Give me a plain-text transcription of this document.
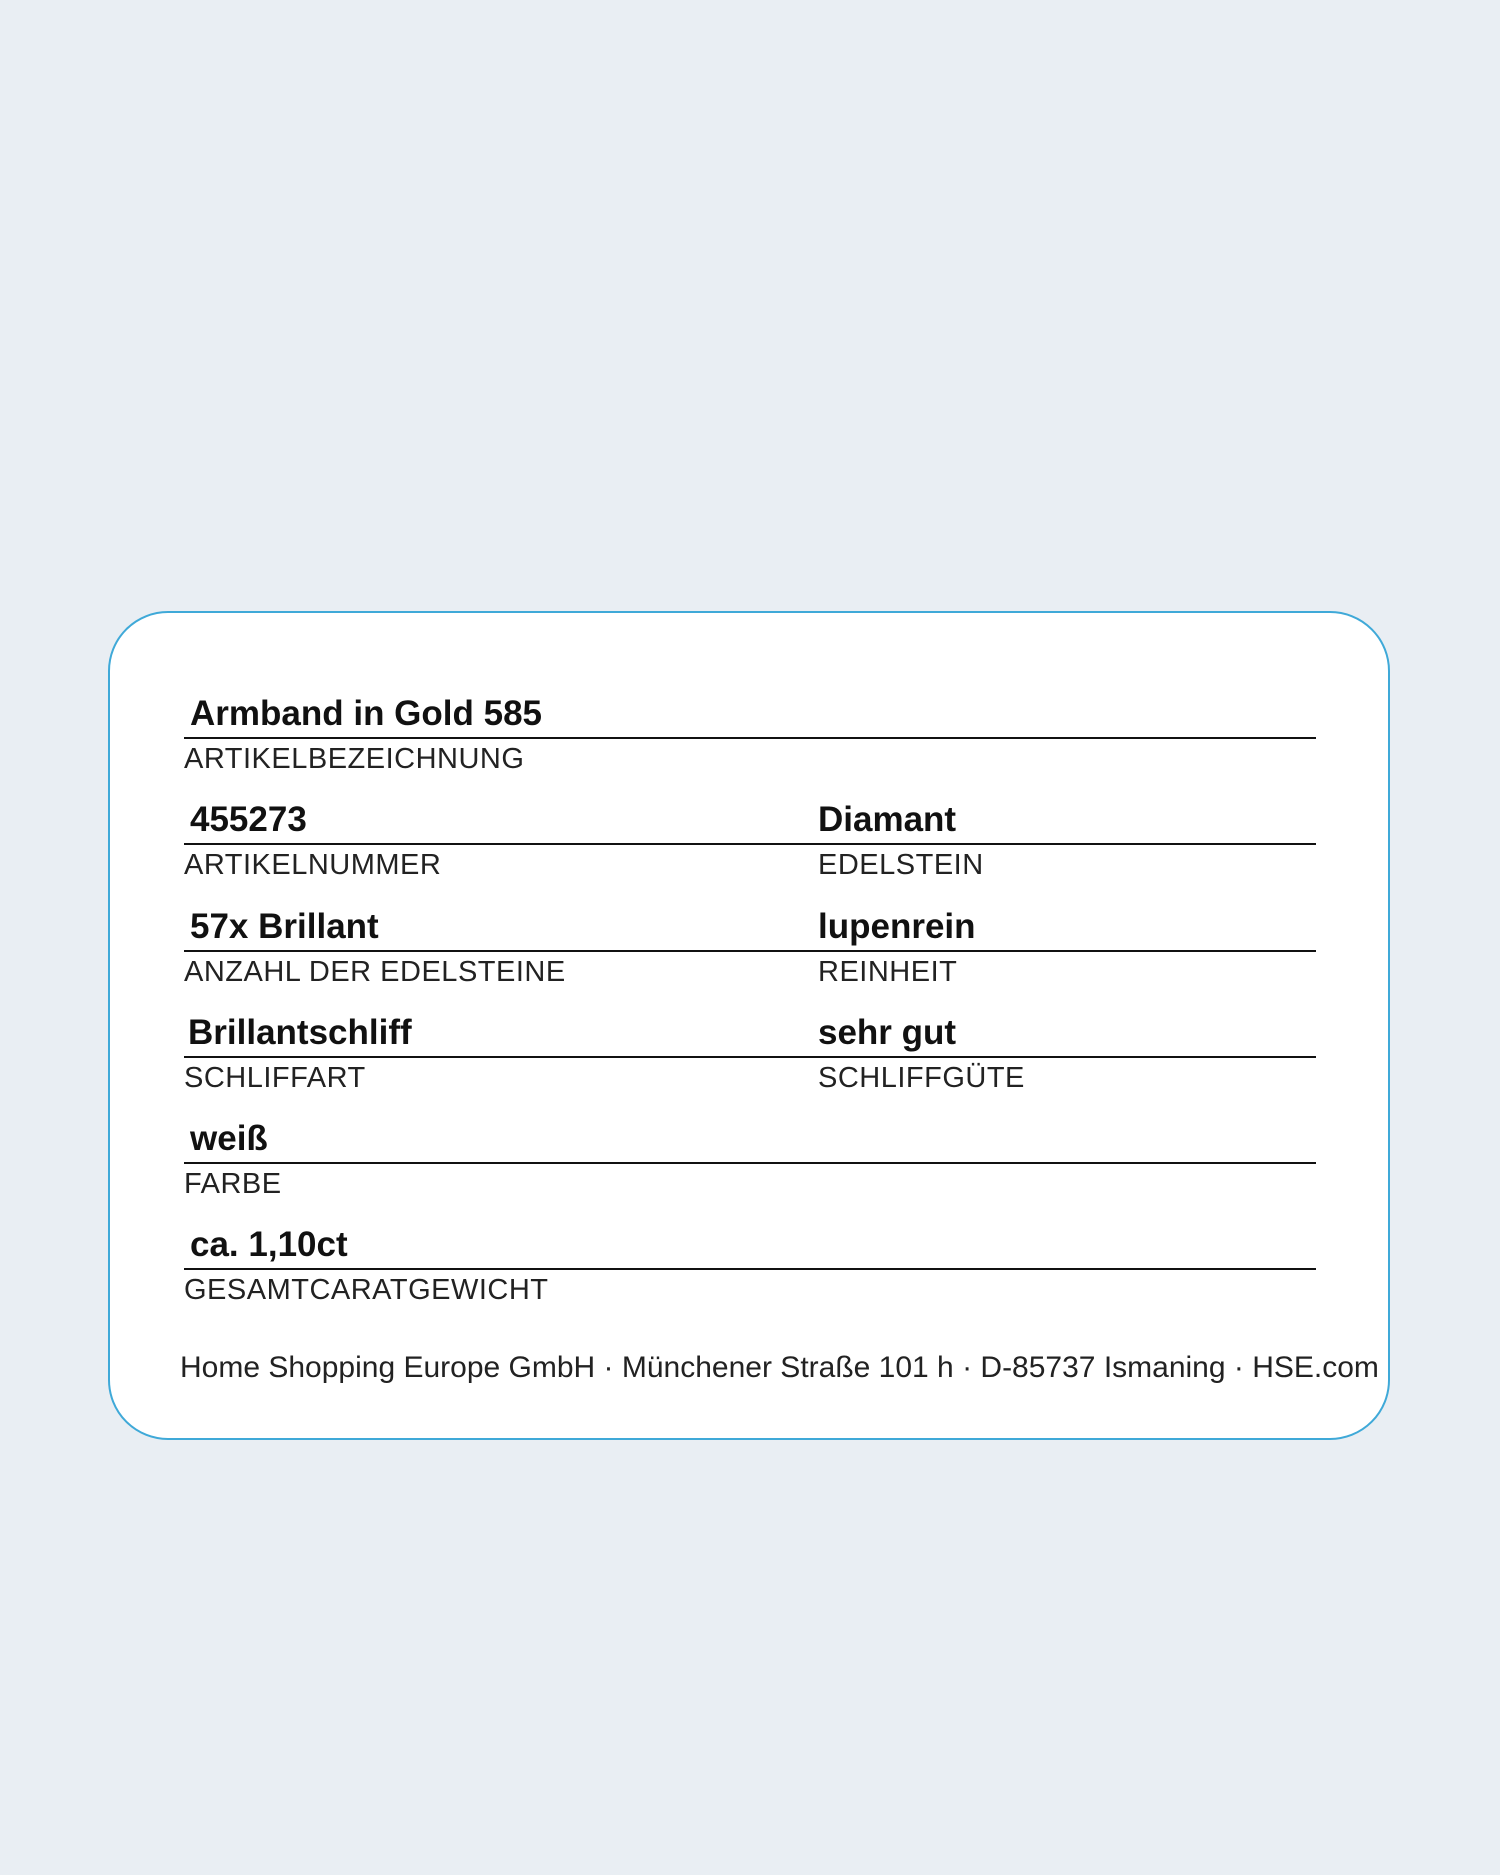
Armband in Gold 585
ARTIKELBEZEICHNUNG
455273
ARTIKELNUMMER
Diamant
EDELSTEIN
57x Brillant
ANZAHL DER EDELSTEINE
lupenrein
REINHEIT
Brillantschliff
SCHLIFFART
sehr gut
SCHLIFFGÜTE
weiß
FARBE
ca. 1,10ct
GESAMTCARATGEWICHT
Home Shopping Europe GmbH · Münchener Straße 101 h · D-85737 Ismaning · HSE.com
